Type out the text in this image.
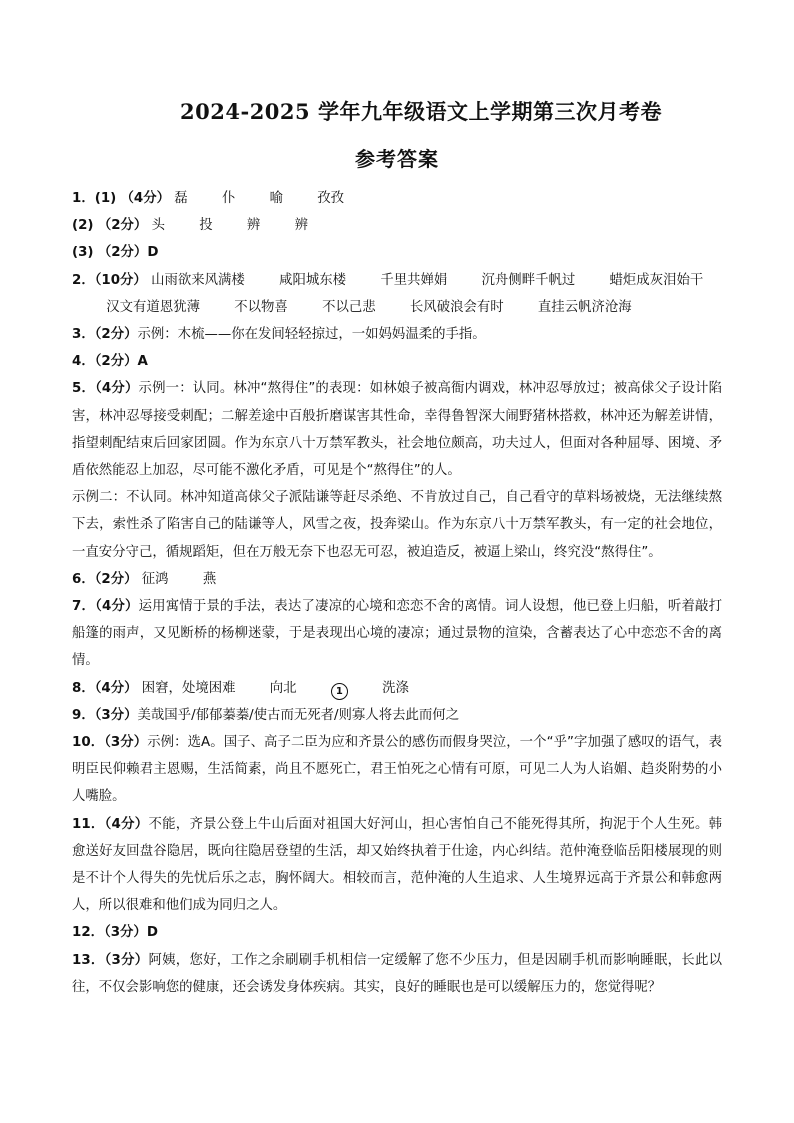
2024-2025 学年九年级语文上学期第三次月考卷
参考答案

1．(1) （4分） 磊	仆	喻	孜孜

(2) （2分） 头	投	辨	辨

(3) （2分）D

2．（10分） 山雨欲来风满楼	咸阳城东楼	千里共婵娟	沉舟侧畔千帆过	蜡炬成灰泪始干 汉文有道恩犹薄	不以物喜	不以己悲	长风破浪会有时	直挂云帆济沧海

3．（2分）示例：木梳——你在发间轻轻掠过，一如妈妈温柔的手指。

4．（2分）A

5．（4分）示例一：认同。林冲“熬得住”的表现：如林娘子被高衙内调戏，林冲忍辱放过；被高俅父子设计陷害，林冲忍辱接受刺配；二解差途中百般折磨谋害其性命，幸得鲁智深大闹野猪林搭救，林冲还为解差讲情，指望刺配结束后回家团圆。作为东京八十万禁军教头，社会地位颇高，功夫过人，但面对各种屈辱、困境、矛盾依然能忍上加忍，尽可能不激化矛盾，可见是个“熬得住”的人。

示例二：不认同。林冲知道高俅父子派陆谦等赶尽杀绝、不肯放过自己，自己看守的草料场被烧，无法继续熬下去，索性杀了陷害自己的陆谦等人，风雪之夜，投奔梁山。作为东京八十万禁军教头，有一定的社会地位，一直安分守己，循规蹈矩，但在万般无奈下也忍无可忍，被迫造反，被逼上梁山，终究没“熬得住”。

6．（2分） 征鸿	燕

7．（4分）运用寓情于景的手法，表达了凄凉的心境和恋恋不舍的离情。词人设想，他已登上归船，听着敲打船篷的雨声，又见断桥的杨柳迷蒙，于是表现出心境的凄凉；通过景物的渲染，含蓄表达了心中恋恋不舍的离情。

8．（4分） 困窘，处境困难	向北	1	洗涤

9．（3分）美哉国乎/郁郁蓁蓁/使古而无死者/则寡人将去此而何之

10．（3分）示例：选A。国子、高子二臣为应和齐景公的感伤而假身哭泣，一个“乎”字加强了感叹的语气，表明臣民仰赖君主恩赐，生活简素，尚且不愿死亡，君王怕死之心情有可原，可见二人为人谄媚、趋炎附势的小人嘴脸。

11．（4分）不能，齐景公登上牛山后面对祖国大好河山，担心害怕自己不能死得其所，拘泥于个人生死。韩愈送好友回盘谷隐居，既向往隐居登望的生活，却又始终执着于仕途，内心纠结。范仲淹登临岳阳楼展现的则是不计个人得失的先忧后乐之志，胸怀阔大。相较而言，范仲淹的人生追求、人生境界远高于齐景公和韩愈两人，所以很难和他们成为同归之人。

12．（3分）D

13．（3分）阿姨，您好，工作之余刷刷手机相信一定缓解了您不少压力，但是因刷手机而影响睡眠，长此以往，不仅会影响您的健康，还会诱发身体疾病。其实，良好的睡眠也是可以缓解压力的，您觉得呢？
